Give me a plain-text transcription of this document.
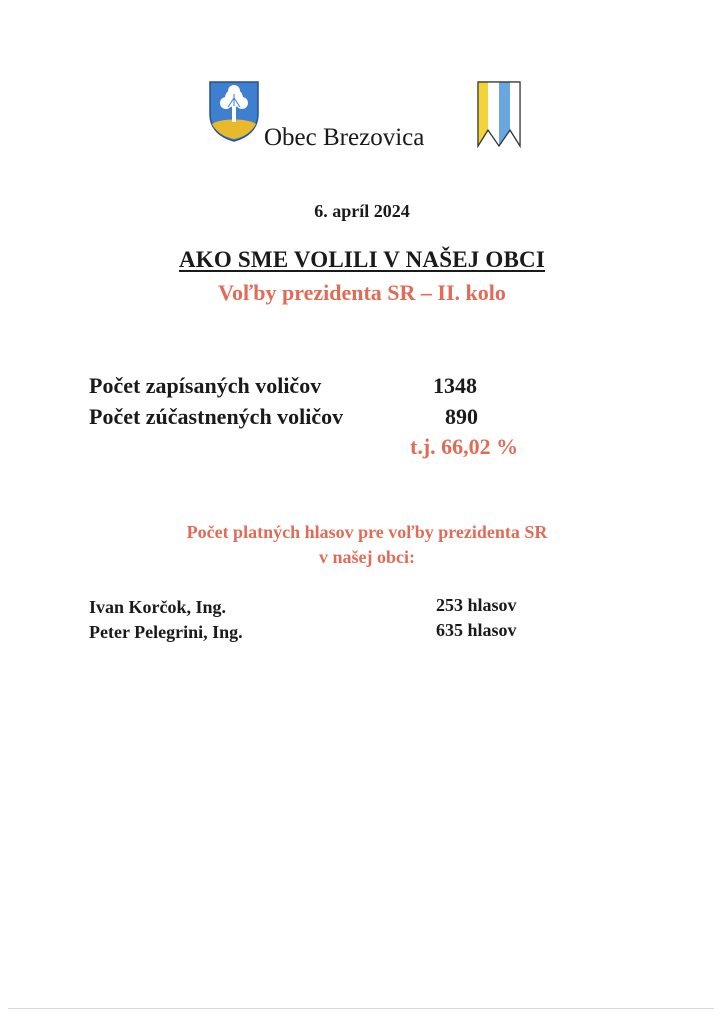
Obec Brezovica
6. apríl 2024
AKO SME VOLILI V NAŠEJ OBCI
Voľby prezidenta SR – II. kolo
Počet zapísaných voličov	1348
Počet zúčastnených voličov	890
t.j. 66,02 %
Počet platných hlasov pre voľby prezidenta SR
v našej obci:
Ivan Korčok, Ing.	253 hlasov
Peter Pelegrini, Ing.	635 hlasov
